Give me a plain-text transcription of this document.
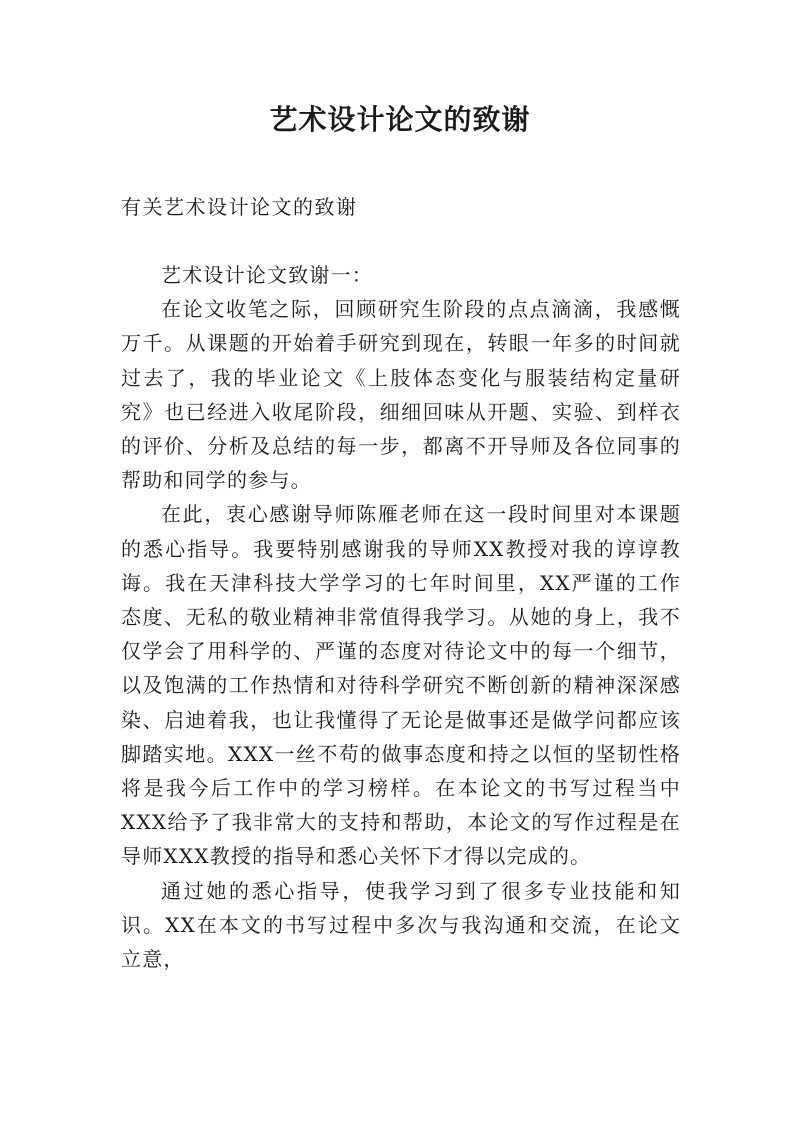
艺术设计论文的致谢
有关艺术设计论文的致谢

艺术设计论文致谢一：

在论文收笔之际，回顾研究生阶段的点点滴滴，我感慨万千。从课题的开始着手研究到现在，转眼一年多的时间就过去了，我的毕业论文《上肢体态变化与服装结构定量研究》也已经进入收尾阶段，细细回味从开题、实验、到样衣的评价、分析及总结的每一步，都离不开导师及各位同事的帮助和同学的参与。

在此，衷心感谢导师陈雁老师在这一段时间里对本课题的悉心指导。我要特别感谢我的导师XX教授对我的谆谆教诲。我在天津科技大学学习的七年时间里，XX严谨的工作态度、无私的敬业精神非常值得我学习。从她的身上，我不仅学会了用科学的、严谨的态度对待论文中的每一个细节，以及饱满的工作热情和对待科学研究不断创新的精神深深感染、启迪着我，也让我懂得了无论是做事还是做学问都应该脚踏实地。XXX一丝不苟的做事态度和持之以恒的坚韧性格将是我今后工作中的学习榜样。在本论文的书写过程当中XXX给予了我非常大的支持和帮助，本论文的写作过程是在导师XXX教授的指导和悉心关怀下才得以完成的。

通过她的悉心指导，使我学习到了很多专业技能和知识。XX在本文的书写过程中多次与我沟通和交流，在论文立意，
